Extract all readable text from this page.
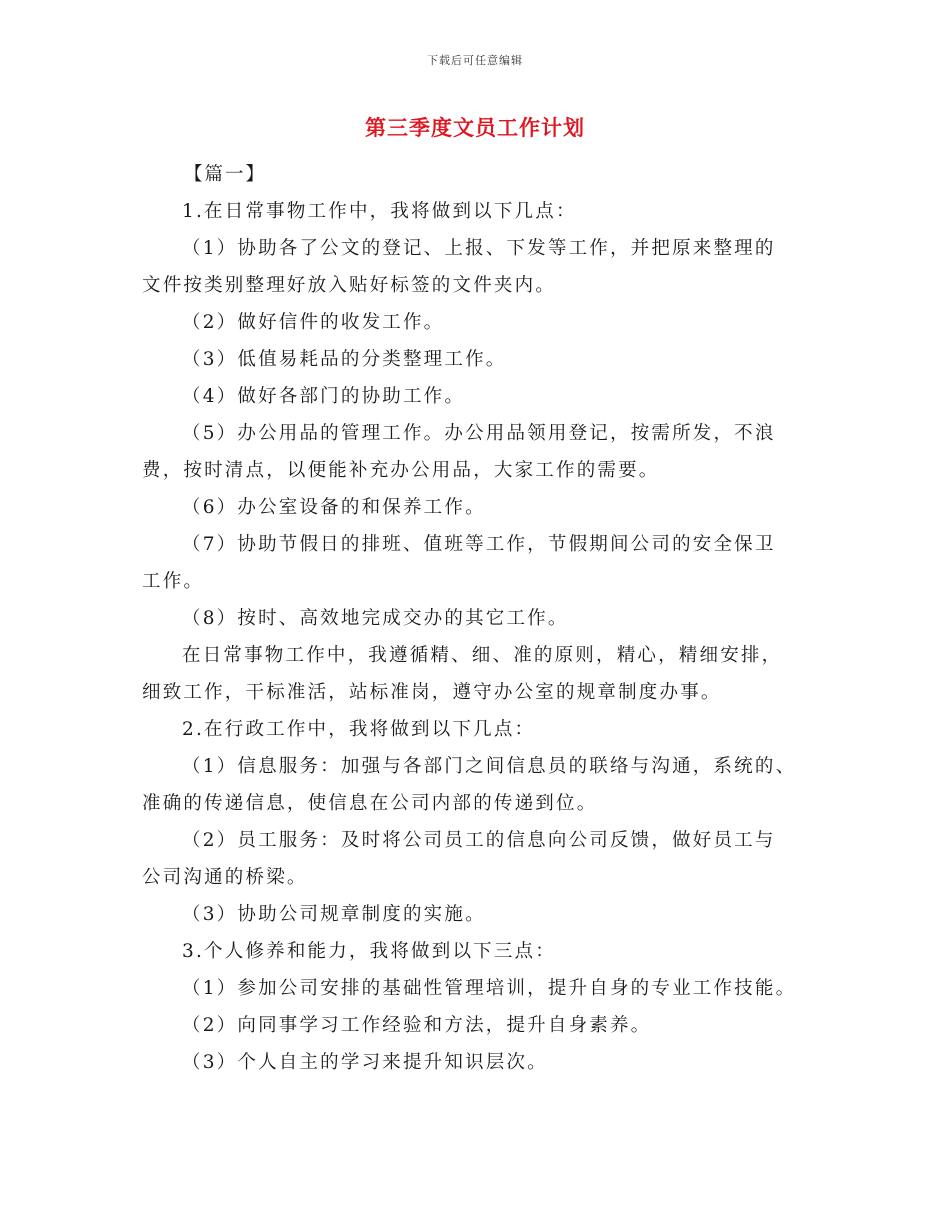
下载后可任意编辑
第三季度文员工作计划
【篇一】
1.在日常事物工作中，我将做到以下几点：
（1）协助各了公文的登记、上报、下发等工作，并把原来整理的
文件按类别整理好放入贴好标签的文件夹内。
（2）做好信件的收发工作。
（3）低值易耗品的分类整理工作。
（4）做好各部门的协助工作。
（5）办公用品的管理工作。办公用品领用登记，按需所发，不浪
费，按时清点，以便能补充办公用品，大家工作的需要。
（6）办公室设备的和保养工作。
（7）协助节假日的排班、值班等工作，节假期间公司的安全保卫
工作。
（8）按时、高效地完成交办的其它工作。
在日常事物工作中，我遵循精、细、准的原则，精心，精细安排，
细致工作，干标准活，站标准岗，遵守办公室的规章制度办事。
2.在行政工作中，我将做到以下几点：
（1）信息服务：加强与各部门之间信息员的联络与沟通，系统的、
准确的传递信息，使信息在公司内部的传递到位。
（2）员工服务：及时将公司员工的信息向公司反馈，做好员工与
公司沟通的桥梁。
（3）协助公司规章制度的实施。
3.个人修养和能力，我将做到以下三点：
（1）参加公司安排的基础性管理培训，提升自身的专业工作技能。
（2）向同事学习工作经验和方法，提升自身素养。
（3）个人自主的学习来提升知识层次。
